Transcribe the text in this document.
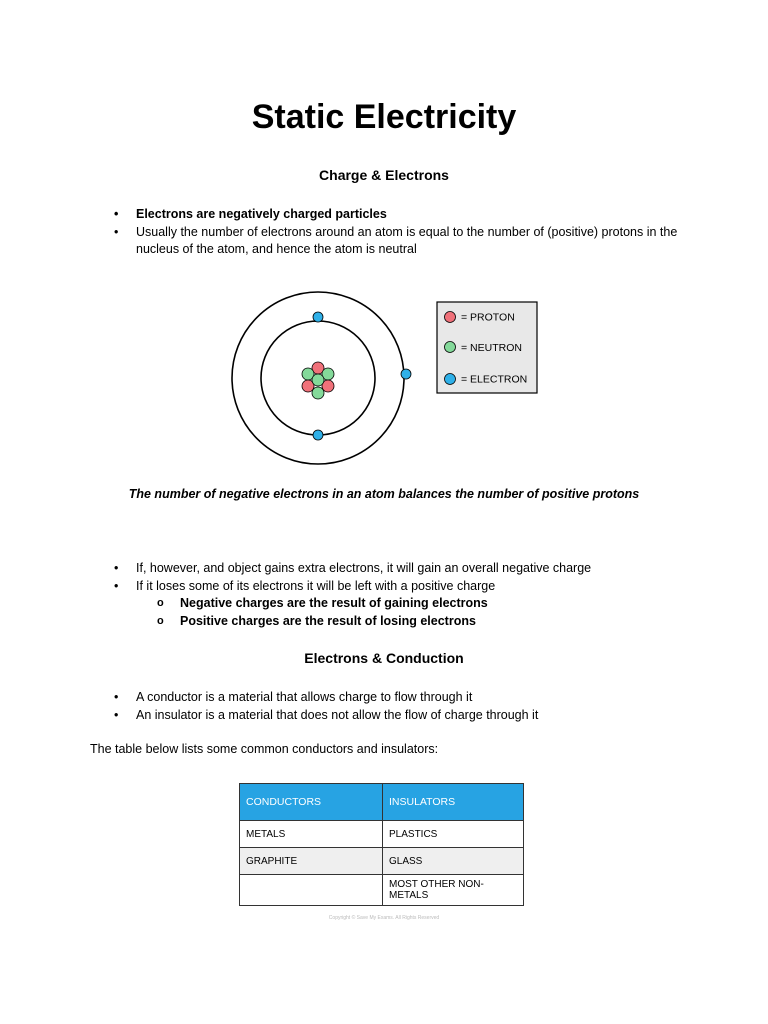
Static Electricity
Charge & Electrons
• Electrons are negatively charged particles
• Usually the number of electrons around an atom is equal to the number of (positive) protons in the nucleus of the atom, and hence the atom is neutral
= PROTON
= NEUTRON
= ELECTRON
The number of negative electrons in an atom balances the number of positive protons
• If, however, and object gains extra electrons, it will gain an overall negative charge
• If it loses some of its electrons it will be left with a positive charge
o Negative charges are the result of gaining electrons
o Positive charges are the result of losing electrons
Electrons & Conduction
• A conductor is a material that allows charge to flow through it
• An insulator is a material that does not allow the flow of charge through it
The table below lists some common conductors and insulators:
CONDUCTORS	INSULATORS
METALS	PLASTICS
GRAPHITE	GLASS
	MOST OTHER NON-METALS
Copyright © Save My Exams. All Rights Reserved
